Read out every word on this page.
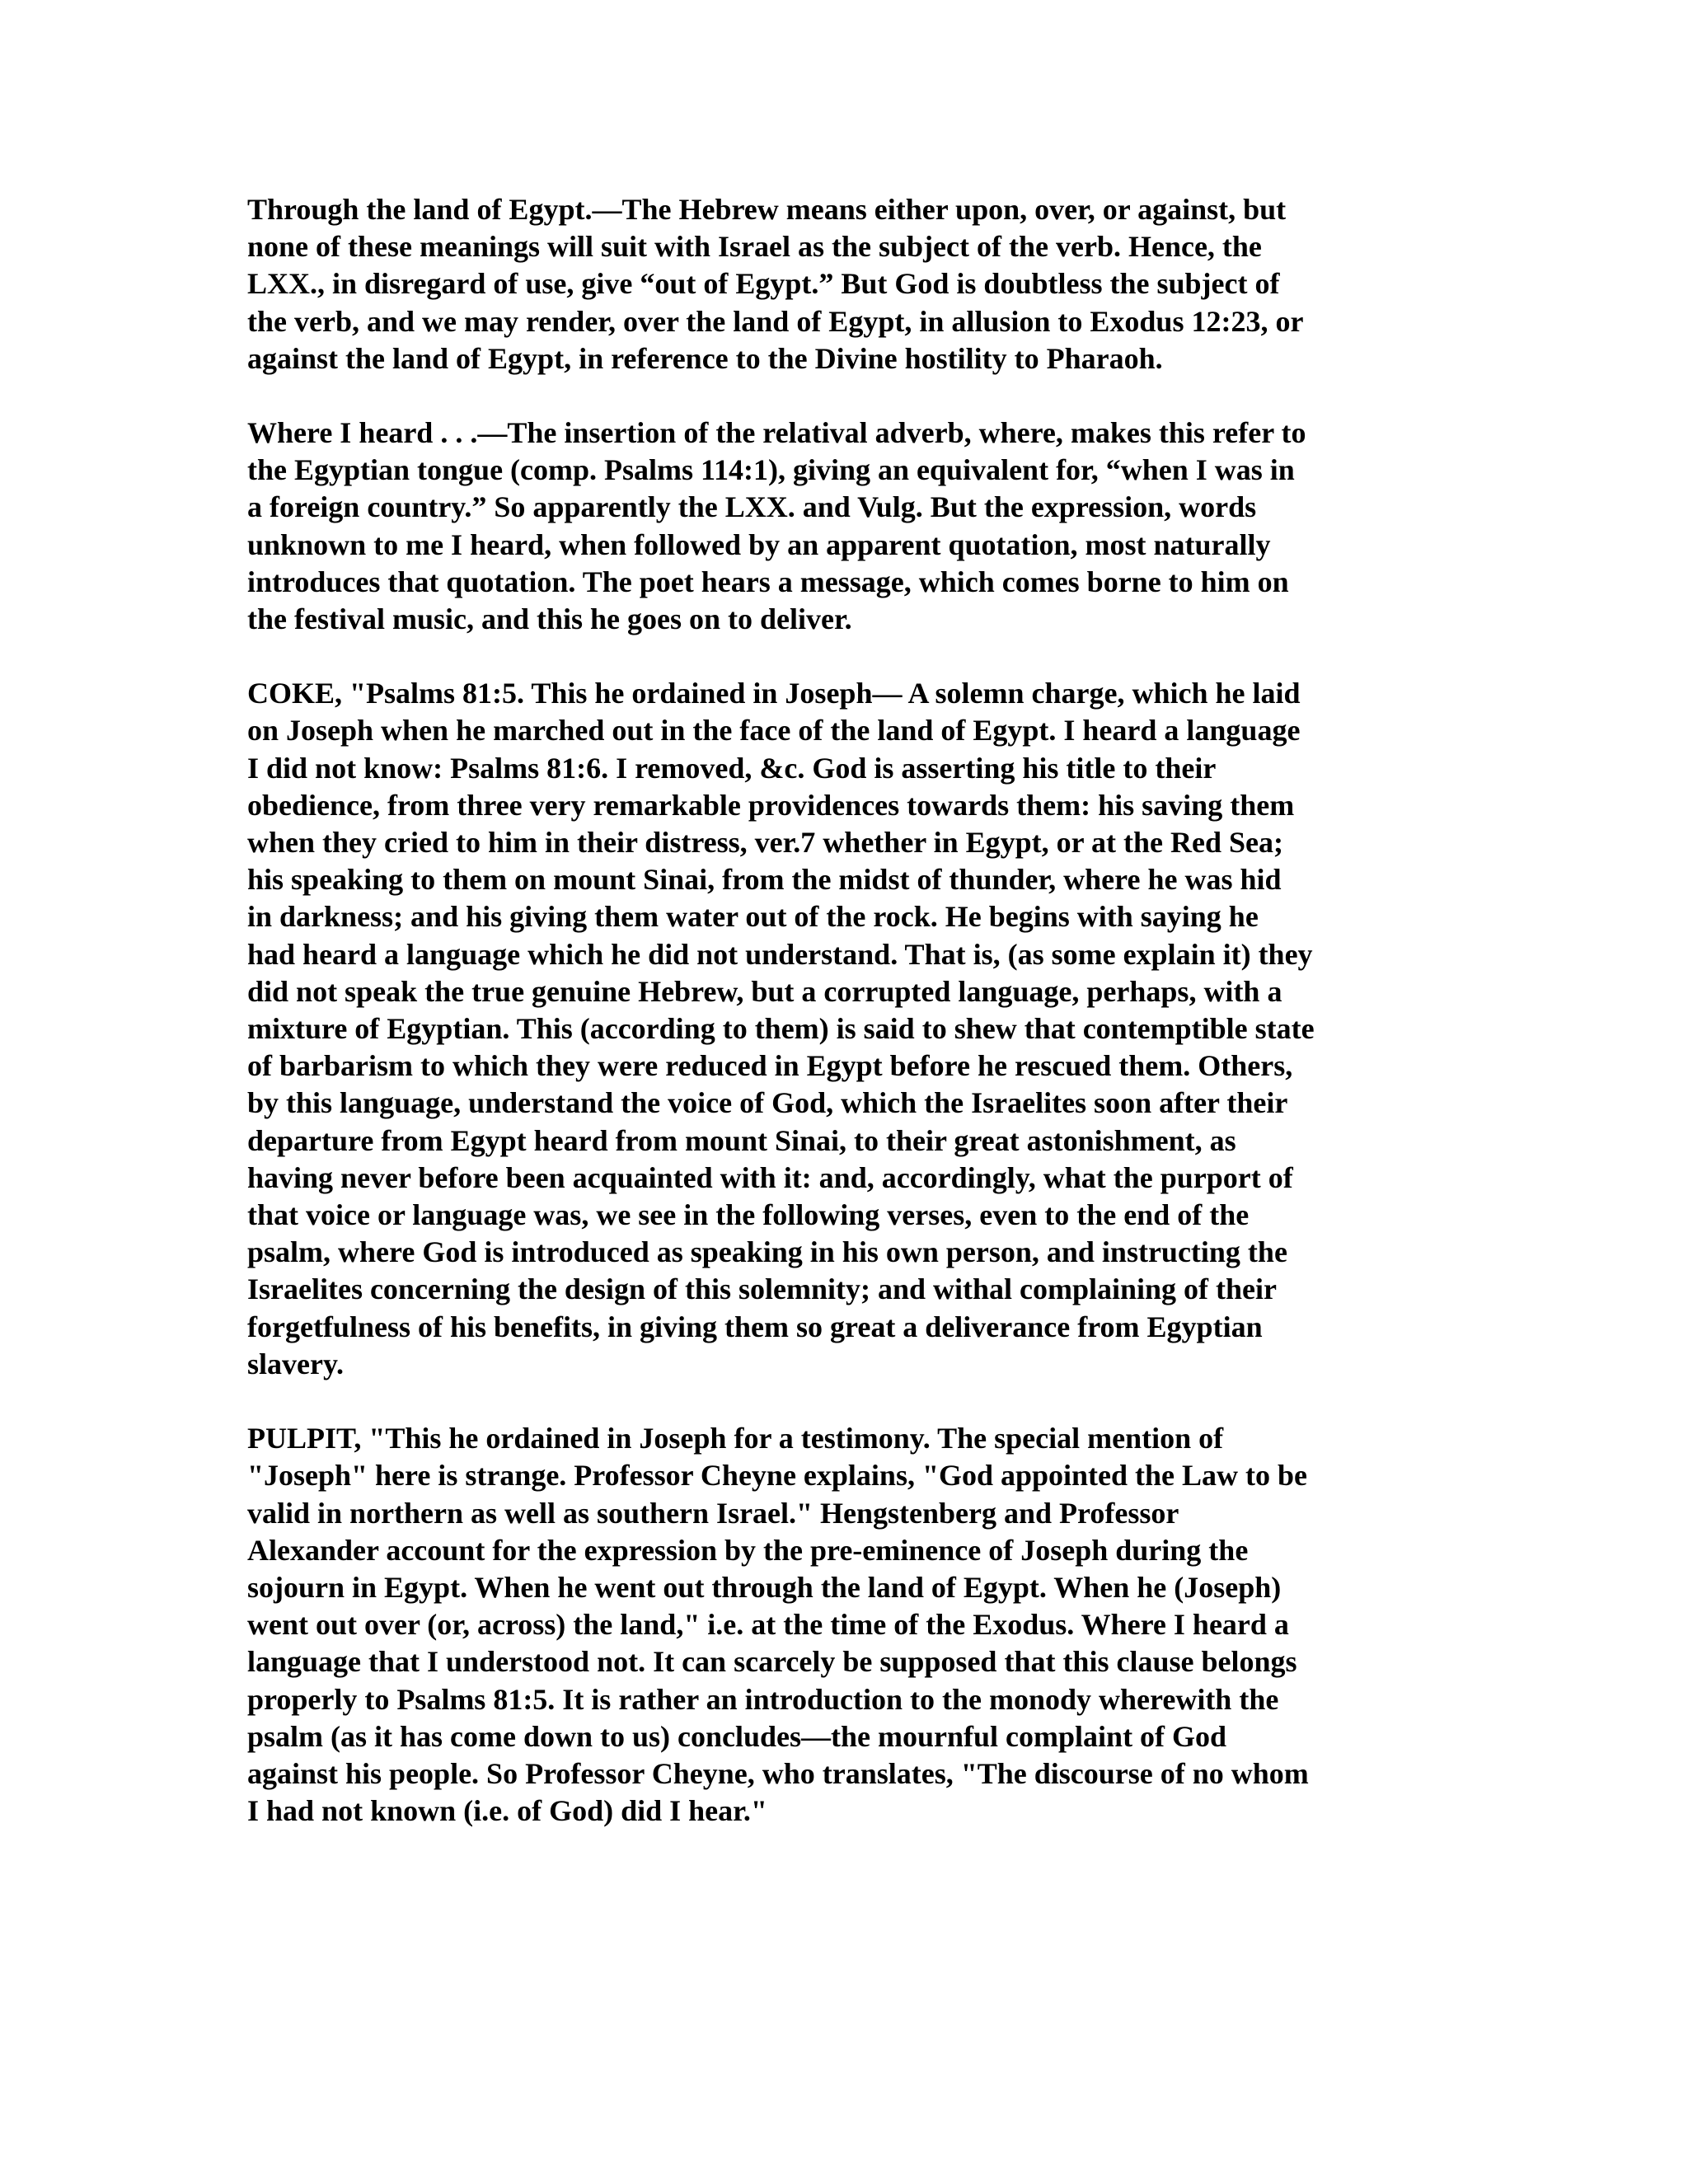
Through the land of Egypt.—The Hebrew means either upon, over, or against, but
none of these meanings will suit with Israel as the subject of the verb. Hence, the
LXX., in disregard of use, give “out of Egypt.” But God is doubtless the subject of
the verb, and we may render, over the land of Egypt, in allusion to Exodus 12:23, or
against the land of Egypt, in reference to the Divine hostility to Pharaoh.

Where I heard . . .—The insertion of the relatival adverb, where, makes this refer to
the Egyptian tongue (comp. Psalms 114:1), giving an equivalent for, “when I was in
a foreign country.” So apparently the LXX. and Vulg. But the expression, words
unknown to me I heard, when followed by an apparent quotation, most naturally
introduces that quotation. The poet hears a message, which comes borne to him on
the festival music, and this he goes on to deliver.

COKE, "Psalms 81:5. This he ordained in Joseph— A solemn charge, which he laid
on Joseph when he marched out in the face of the land of Egypt. I heard a language
I did not know: Psalms 81:6. I removed, &c. God is asserting his title to their
obedience, from three very remarkable providences towards them: his saving them
when they cried to him in their distress, ver.7 whether in Egypt, or at the Red Sea;
his speaking to them on mount Sinai, from the midst of thunder, where he was hid
in darkness; and his giving them water out of the rock. He begins with saying he
had heard a language which he did not understand. That is, (as some explain it) they
did not speak the true genuine Hebrew, but a corrupted language, perhaps, with a
mixture of Egyptian. This (according to them) is said to shew that contemptible state
of barbarism to which they were reduced in Egypt before he rescued them. Others,
by this language, understand the voice of God, which the Israelites soon after their
departure from Egypt heard from mount Sinai, to their great astonishment, as
having never before been acquainted with it: and, accordingly, what the purport of
that voice or language was, we see in the following verses, even to the end of the
psalm, where God is introduced as speaking in his own person, and instructing the
Israelites concerning the design of this solemnity; and withal complaining of their
forgetfulness of his benefits, in giving them so great a deliverance from Egyptian
slavery.

PULPIT, "This he ordained in Joseph for a testimony. The special mention of
"Joseph" here is strange. Professor Cheyne explains, "God appointed the Law to be
valid in northern as well as southern Israel." Hengstenberg and Professor
Alexander account for the expression by the pre-eminence of Joseph during the
sojourn in Egypt. When he went out through the land of Egypt. When he (Joseph)
went out over (or, across) the land," i.e. at the time of the Exodus. Where I heard a
language that I understood not. It can scarcely be supposed that this clause belongs
properly to Psalms 81:5. It is rather an introduction to the monody wherewith the
psalm (as it has come down to us) concludes—the mournful complaint of God
against his people. So Professor Cheyne, who translates, "The discourse of no whom
I had not known (i.e. of God) did I hear."
